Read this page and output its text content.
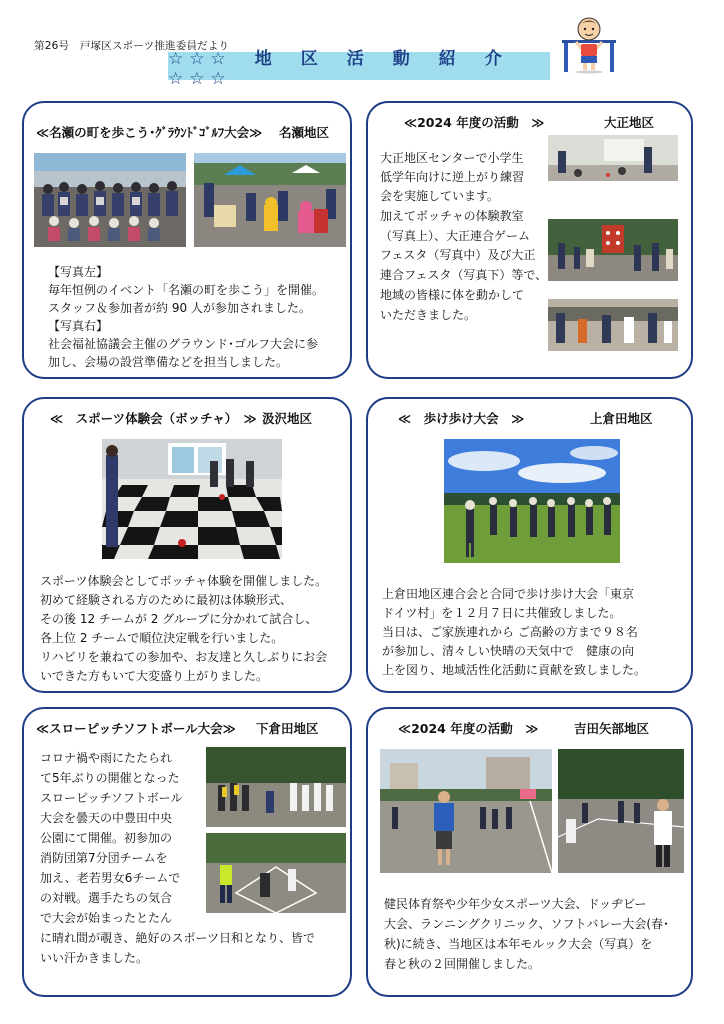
第26号　戸塚区スポーツ推進委員だより
☆☆☆　地　区　活　動　紹　介　☆☆☆
≪名瀬の町を歩こう･ｸﾞﾗｳﾝﾄﾞｺﾞﾙﾌ大会≫ 名瀬地区
【写真左】
毎年恒例のイベント「名瀬の町を歩こう」を開催。
スタッフ＆参加者が約 90 人が参加されました。
【写真右】
社会福祉協議会主催のグラウンド･ゴルフ大会に参
加し、会場の設営準備などを担当しました。
≪2024 年度の活動　≫	大正地区
大正地区センターで小学生
低学年向けに逆上がり練習
会を実施しています。
加えてボッチャの体験教室
（写真上）、大正連合ゲーム
フェスタ（写真中）及び大正
連合フェスタ（写真下）等で、
地域の皆様に体を動かして
いただきました。
≪　スポーツ体験会（ボッチャ）　≫ 汲沢地区
スポーツ体験会としてボッチャ体験を開催しました。
初めて経験される方のために最初は体験形式、
その後 12 チームが 2 グループに分かれて試合し、
各上位 2 チームで順位決定戦を行いました。
リハビリを兼ねての参加や、お友達と久しぶりにお会
いできた方もいて大変盛り上がりました。
≪　歩け歩け大会　≫	上倉田地区
上倉田地区連合会と合同で歩け歩け大会「東京
ドイツ村」を１２月７日に共催致しました。
当日は、ご家族連れから ご高齢の方まで９８名
が参加し、清々しい快晴の天気中で　健康の向
上を図り、地域活性化活動に貢献を致しました。
≪スローピッチソフトボール大会≫ 下倉田地区
コロナ禍や雨にたたられ
て5年ぶりの開催となった
スローピッチソフトボール
大会を曇天の中豊田中央
公園にて開催。初参加の
消防団第7分団チームを
加え、老若男女6チームで
の対戦。選手たちの気合
で大会が始まったとたん
に晴れ間が覗き、絶好のスポーツ日和となり、皆で
いい汗かきました。
≪2024 年度の活動　≫	吉田矢部地区
健民体育祭や少年少女スポーツ大会、ドッヂビー
大会、ランニングクリニック、ソフトバレー大会(春･
秋)に続き、当地区は本年モルック大会（写真）を
春と秋の２回開催しました。
